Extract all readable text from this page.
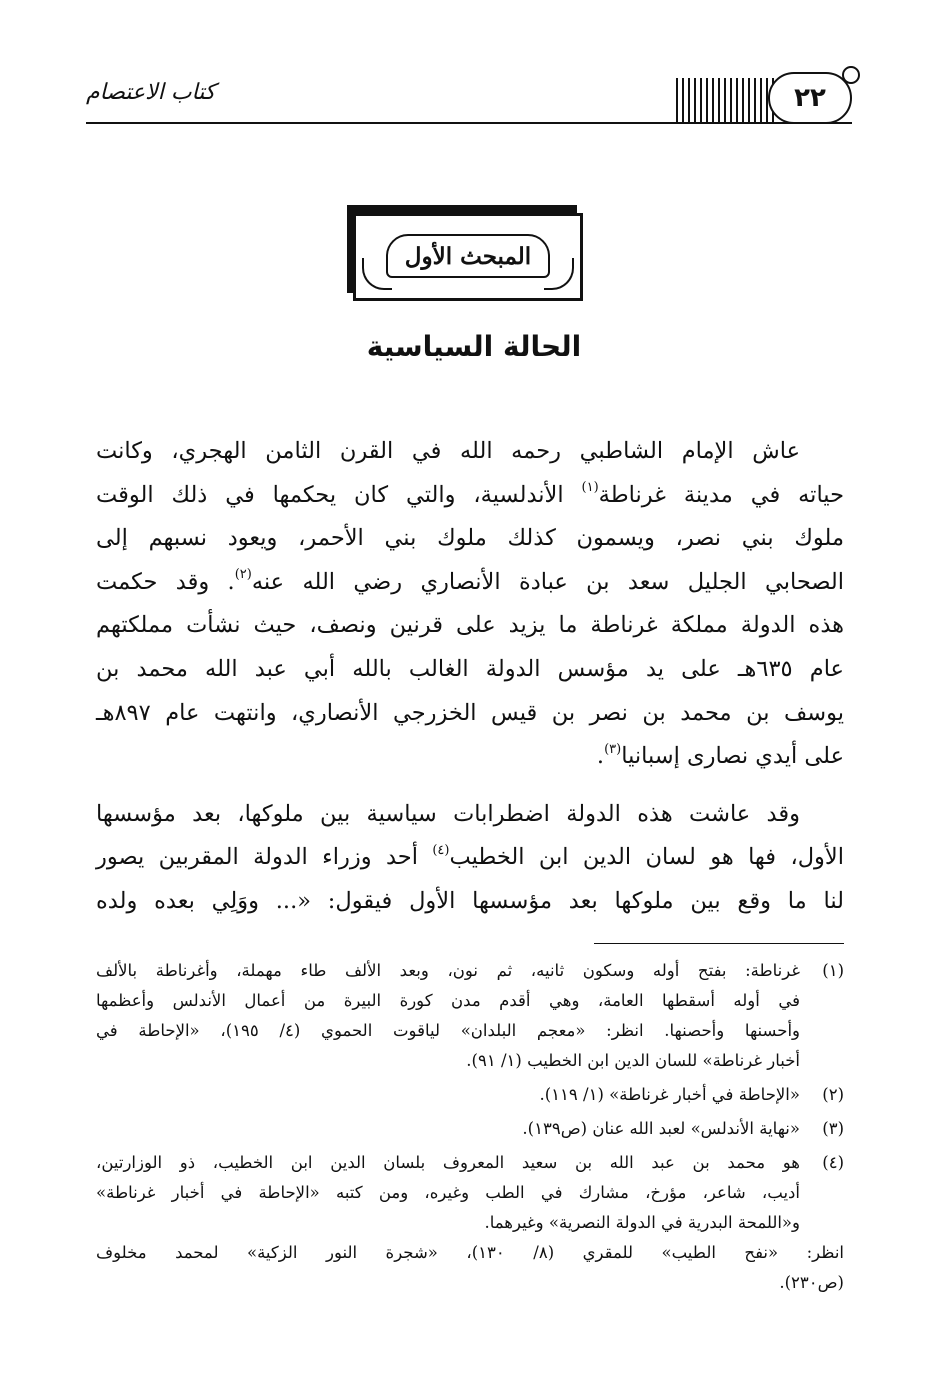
كتاب الاعتصام	٢٢
المبحث الأول
الحالة السياسية
عاش الإمام الشاطبي رحمه الله في القرن الثامن الهجري، وكانت
حياته في مدينة غرناطة$^{(١)}$ الأندلسية، والتي كان يحكمها في ذلك الوقت
ملوك بني نصر، ويسمون كذلك ملوك بني الأحمر، ويعود نسبهم إلى
الصحابي الجليل سعد بن عبادة الأنصاري رضي الله عنه$^{(٢)}$. وقد حكمت
هذه الدولة مملكة غرناطة ما يزيد على قرنين ونصف، حيث نشأت مملكتهم
عام ٦٣٥هـ على يد مؤسس الدولة الغالب بالله أبي عبد الله محمد بن
يوسف بن محمد بن نصر بن قيس الخزرجي الأنصاري، وانتهت عام ٨٩٧هـ
على أيدي نصارى إسبانيا$^{(٣)}$.
وقد عاشت هذه الدولة اضطرابات سياسية بين ملوكها، بعد مؤسسها
الأول، فها هو لسان الدين ابن الخطيب$^{(٤)}$ أحد وزراء الدولة المقربين يصور
لنا ما وقع بين ملوكها بعد مؤسسها الأول فيقول: «... ووَلِي بعده ولده
(١)
غرناطة: بفتح أوله وسكون ثانيه، ثم نون، وبعد الألف طاء مهملة، وأغرناطة بالألف
في أوله أسقطها العامة، وهي أقدم مدن كورة البيرة من أعمال الأندلس وأعظمها
وأحسنها وأحصنها. انظر: «معجم البلدان» لياقوت الحموي (٤/ ١٩٥)، «الإحاطة في
أخبار غرناطة» للسان الدين ابن الخطيب (١/ ٩١).
(٢)
«الإحاطة في أخبار غرناطة» (١/ ١١٩).
(٣)
«نهاية الأندلس» لعبد الله عنان (ص١٣٩).
(٤)
هو محمد بن عبد الله بن سعيد المعروف بلسان الدين ابن الخطيب، ذو الوزارتين،
أديب، شاعر، مؤرخ، مشارك في الطب وغيره، ومن كتبه «الإحاطة في أخبار غرناطة»
و«اللمحة البدرية في الدولة النصرية» وغيرهما.
انظر: «نفح الطيب» للمقري (٨/ ١٣٠)، «شجرة النور الزكية» لمحمد مخلوف
(ص٢٣٠).
